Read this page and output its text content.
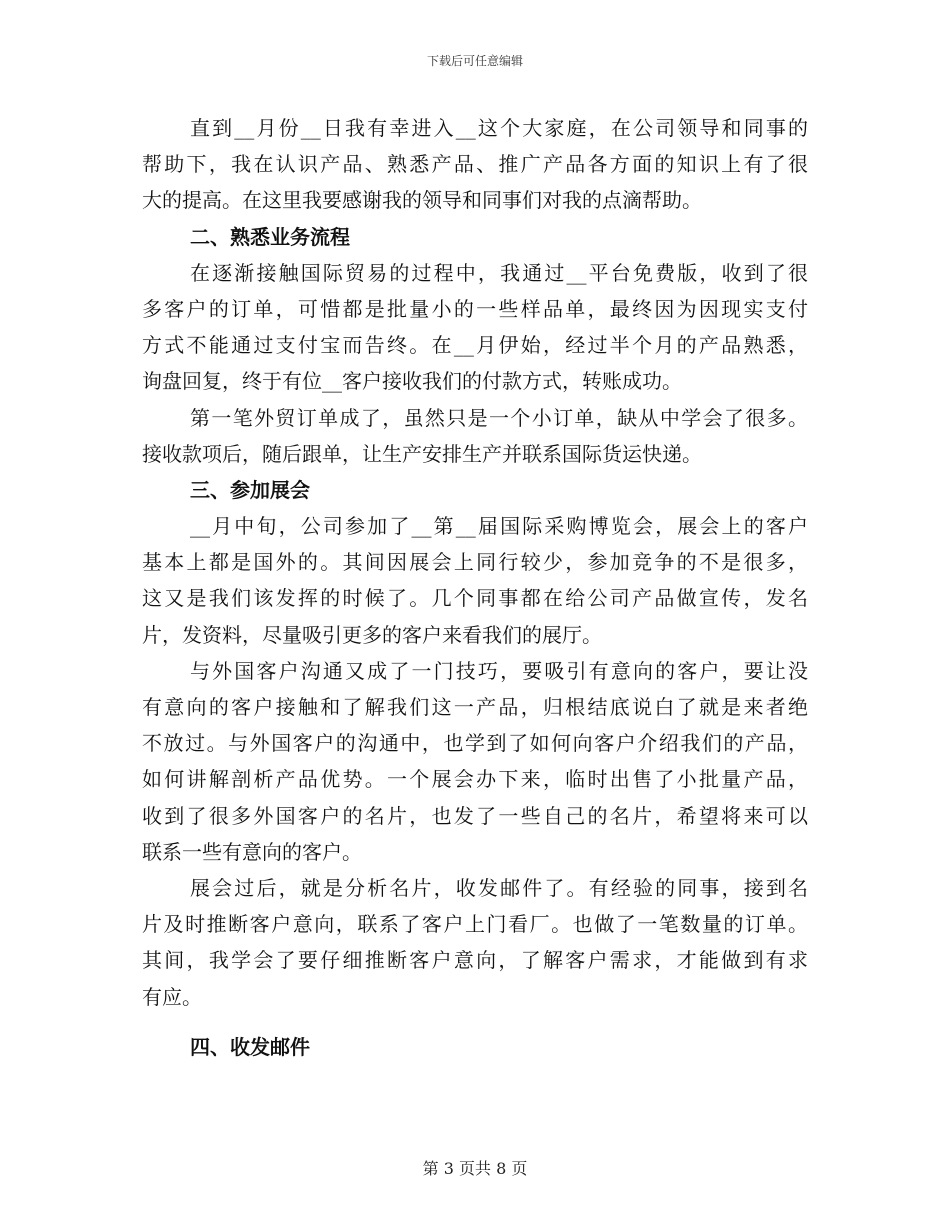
下载后可任意编辑
直到__月份__日我有幸进入__这个大家庭，在公司领导和同事的
帮助下，我在认识产品、熟悉产品、推广产品各方面的知识上有了很
大的提高。在这里我要感谢我的领导和同事们对我的点滴帮助。
二、熟悉业务流程
在逐渐接触国际贸易的过程中，我通过__平台免费版，收到了很
多客户的订单，可惜都是批量小的一些样品单，最终因为因现实支付
方式不能通过支付宝而告终。在__月伊始，经过半个月的产品熟悉，
询盘回复，终于有位__客户接收我们的付款方式，转账成功。
第一笔外贸订单成了，虽然只是一个小订单，缺从中学会了很多。
接收款项后，随后跟单，让生产安排生产并联系国际货运快递。
三、参加展会
__月中旬，公司参加了__第__届国际采购博览会，展会上的客户
基本上都是国外的。其间因展会上同行较少，参加竞争的不是很多，
这又是我们该发挥的时候了。几个同事都在给公司产品做宣传，发名
片，发资料，尽量吸引更多的客户来看我们的展厅。
与外国客户沟通又成了一门技巧，要吸引有意向的客户，要让没
有意向的客户接触和了解我们这一产品，归根结底说白了就是来者绝
不放过。与外国客户的沟通中，也学到了如何向客户介绍我们的产品，
如何讲解剖析产品优势。一个展会办下来，临时出售了小批量产品，
收到了很多外国客户的名片，也发了一些自己的名片，希望将来可以
联系一些有意向的客户。
展会过后，就是分析名片，收发邮件了。有经验的同事，接到名
片及时推断客户意向，联系了客户上门看厂。也做了一笔数量的订单。
其间，我学会了要仔细推断客户意向，了解客户需求，才能做到有求
有应。
四、收发邮件
第 3 页共 8 页
